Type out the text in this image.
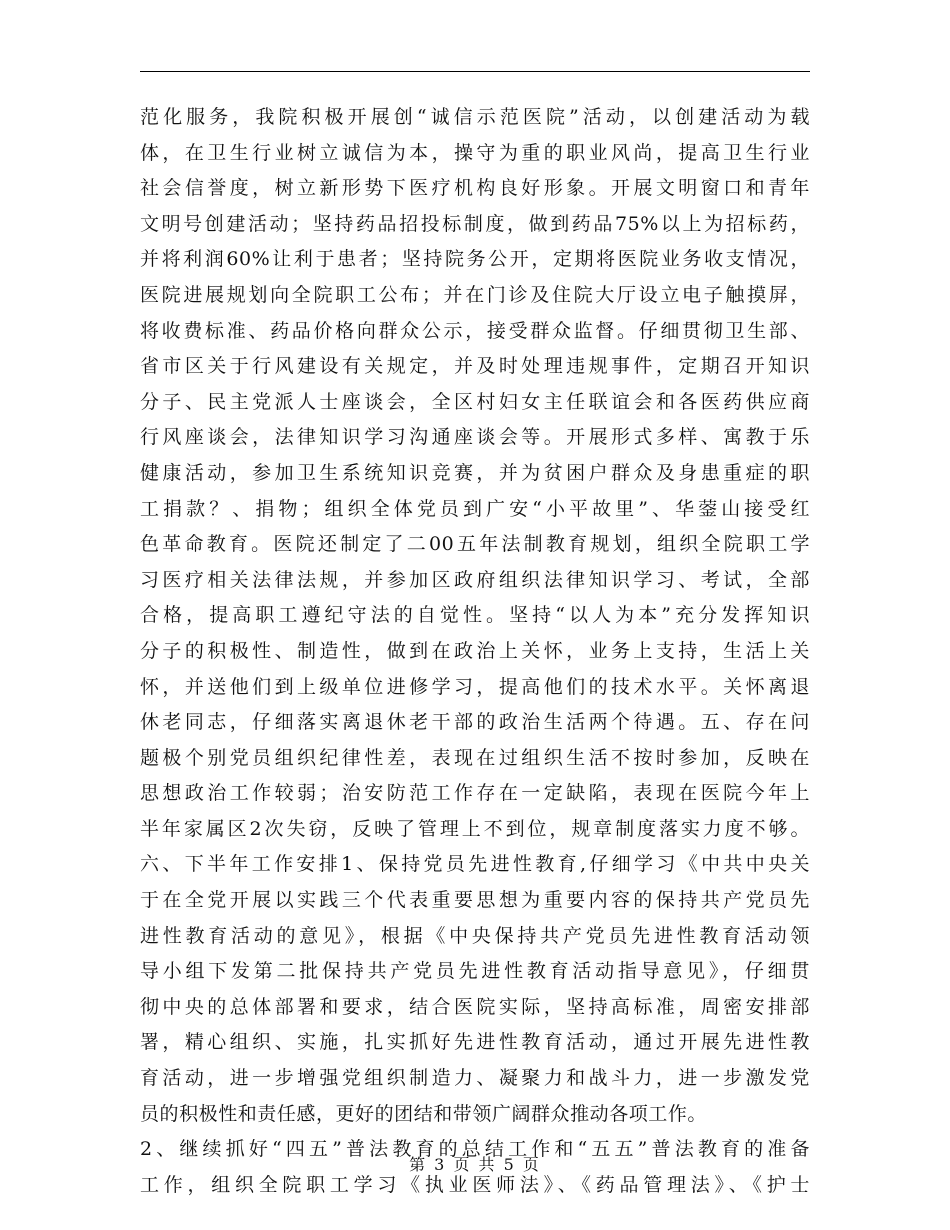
范化服务，我院积极开展创“诚信示范医院”活动，以创建活动为载
体，在卫生行业树立诚信为本，操守为重的职业风尚，提高卫生行业
社会信誉度，树立新形势下医疗机构良好形象。开展文明窗口和青年
文明号创建活动；坚持药品招投标制度，做到药品75%以上为招标药，
并将利润60%让利于患者；坚持院务公开，定期将医院业务收支情况，
医院进展规划向全院职工公布；并在门诊及住院大厅设立电子触摸屏，
将收费标准、药品价格向群众公示，接受群众监督。仔细贯彻卫生部、
省市区关于行风建设有关规定，并及时处理违规事件，定期召开知识
分子、民主党派人士座谈会，全区村妇女主任联谊会和各医药供应商
行风座谈会，法律知识学习沟通座谈会等。开展形式多样、寓教于乐
健康活动，参加卫生系统知识竞赛，并为贫困户群众及身患重症的职
工捐款？、捐物；组织全体党员到广安“小平故里”、华蓥山接受红
色革命教育。医院还制定了二00五年法制教育规划，组织全院职工学
习医疗相关法律法规，并参加区政府组织法律知识学习、考试，全部
合格，提高职工遵纪守法的自觉性。坚持“以人为本”充分发挥知识
分子的积极性、制造性，做到在政治上关怀，业务上支持，生活上关
怀，并送他们到上级单位进修学习，提高他们的技术水平。关怀离退
休老同志，仔细落实离退休老干部的政治生活两个待遇。五、存在问
题极个别党员组织纪律性差，表现在过组织生活不按时参加，反映在
思想政治工作较弱；治安防范工作存在一定缺陷，表现在医院今年上
半年家属区2次失窃，反映了管理上不到位，规章制度落实力度不够。
六、下半年工作安排1、保持党员先进性教育,仔细学习《中共中央关
于在全党开展以实践三个代表重要思想为重要内容的保持共产党员先
进性教育活动的意见》，根据《中央保持共产党员先进性教育活动领
导小组下发第二批保持共产党员先进性教育活动指导意见》，仔细贯
彻中央的总体部署和要求，结合医院实际，坚持高标准，周密安排部
署，精心组织、实施，扎实抓好先进性教育活动，通过开展先进性教
育活动，进一步增强党组织制造力、凝聚力和战斗力，进一步激发党
员的积极性和责任感，更好的团结和带领广阔群众推动各项工作。
2、继续抓好“四五”普法教育的总结工作和“五五”普法教育的准备
工作，组织全院职工学习《执业医师法》、《药品管理法》、《护士
第 3 页 共 5 页
